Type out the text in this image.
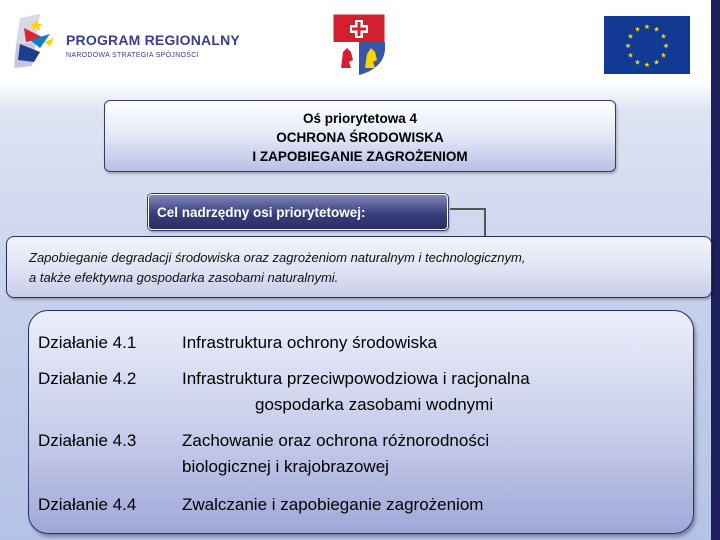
PROGRAM REGIONALNY
NARODOWA STRATEGIA SPÓJNOŚCI
★ ★
★
★
★
★
★
★
★
★
★
★
Oś priorytetowa 4
OCHRONA ŚRODOWISKA
I ZAPOBIEGANIE ZAGROŻENIOM
Cel nadrzędny osi priorytetowej:
Zapobieganie degradacji środowiska oraz zagrożeniom naturalnym i technologicznym,
a także efektywna gospodarka zasobami naturalnymi.
Działanie 4.1	Infrastruktura ochrony środowiska
Działanie 4.2	Infrastruktura przeciwpowodziowa i racjonalna
gospodarka zasobami wodnymi
Działanie 4.3	Zachowanie oraz ochrona różnorodności
biologicznej i krajobrazowej
Działanie 4.4	Zwalczanie i zapobieganie zagrożeniom
